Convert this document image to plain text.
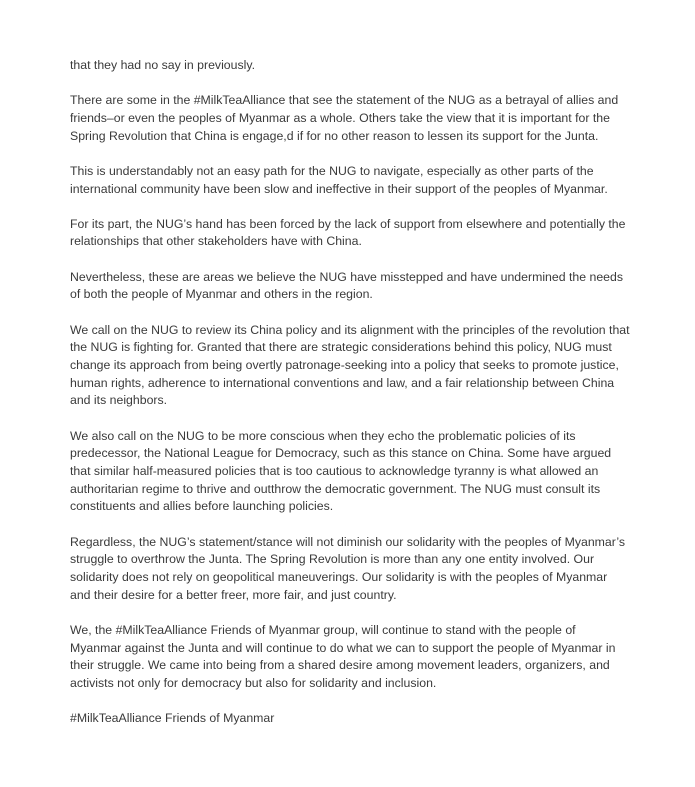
that they had no say in previously.

There are some in the #MilkTeaAlliance that see the statement of the NUG as a betrayal of allies and friends–or even the peoples of Myanmar as a whole. Others take the view that it is important for the Spring Revolution that China is engage,d if for no other reason to lessen its support for the Junta.

This is understandably not an easy path for the NUG to navigate, especially as other parts of the international community have been slow and ineffective in their support of the peoples of Myanmar.

For its part, the NUG’s hand has been forced by the lack of support from elsewhere and potentially the relationships that other stakeholders have with China.

Nevertheless, these are areas we believe the NUG have misstepped and have undermined the needs of both the people of Myanmar and others in the region.

We call on the NUG to review its China policy and its alignment with the principles of the revolution that the NUG is fighting for. Granted that there are strategic considerations behind this policy, NUG must change its approach from being overtly patronage-seeking into a policy that seeks to promote justice, human rights, adherence to international conventions and law, and a fair relationship between China and its neighbors.

We also call on the NUG to be more conscious when they echo the problematic policies of its predecessor, the National League for Democracy, such as this stance on China. Some have argued that similar half-measured policies that is too cautious to acknowledge tyranny is what allowed an authoritarian regime to thrive and outthrow the democratic government. The NUG must consult its constituents and allies before launching policies.

Regardless, the NUG’s statement/stance will not diminish our solidarity with the peoples of Myanmar’s struggle to overthrow the Junta. The Spring Revolution is more than any one entity involved. Our solidarity does not rely on geopolitical maneuverings. Our solidarity is with the peoples of Myanmar and their desire for a better freer, more fair, and just country.

We, the #MilkTeaAlliance Friends of Myanmar group, will continue to stand with the people of Myanmar against the Junta and will continue to do what we can to support the people of Myanmar in their struggle. We came into being from a shared desire among movement leaders, organizers, and activists not only for democracy but also for solidarity and inclusion.

#MilkTeaAlliance Friends of Myanmar
